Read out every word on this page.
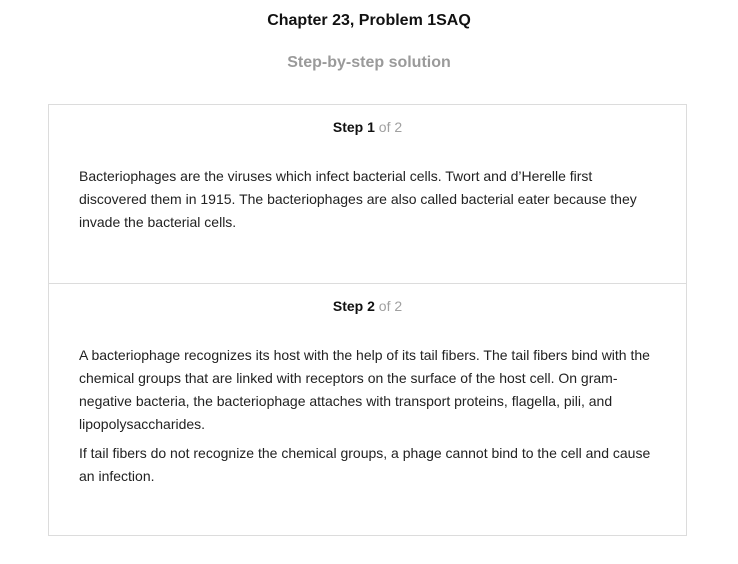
Chapter 23, Problem 1SAQ
Step-by-step solution
Step 1 of 2

Bacteriophages are the viruses which infect bacterial cells. Twort and d’Herelle first discovered them in 1915. The bacteriophages are also called bacterial eater because they invade the bacterial cells.

Step 2 of 2

A bacteriophage recognizes its host with the help of its tail fibers. The tail fibers bind with the chemical groups that are linked with receptors on the surface of the host cell. On gram-negative bacteria, the bacteriophage attaches with transport proteins, flagella, pili, and lipopolysaccharides.

If tail fibers do not recognize the chemical groups, a phage cannot bind to the cell and cause an infection.
